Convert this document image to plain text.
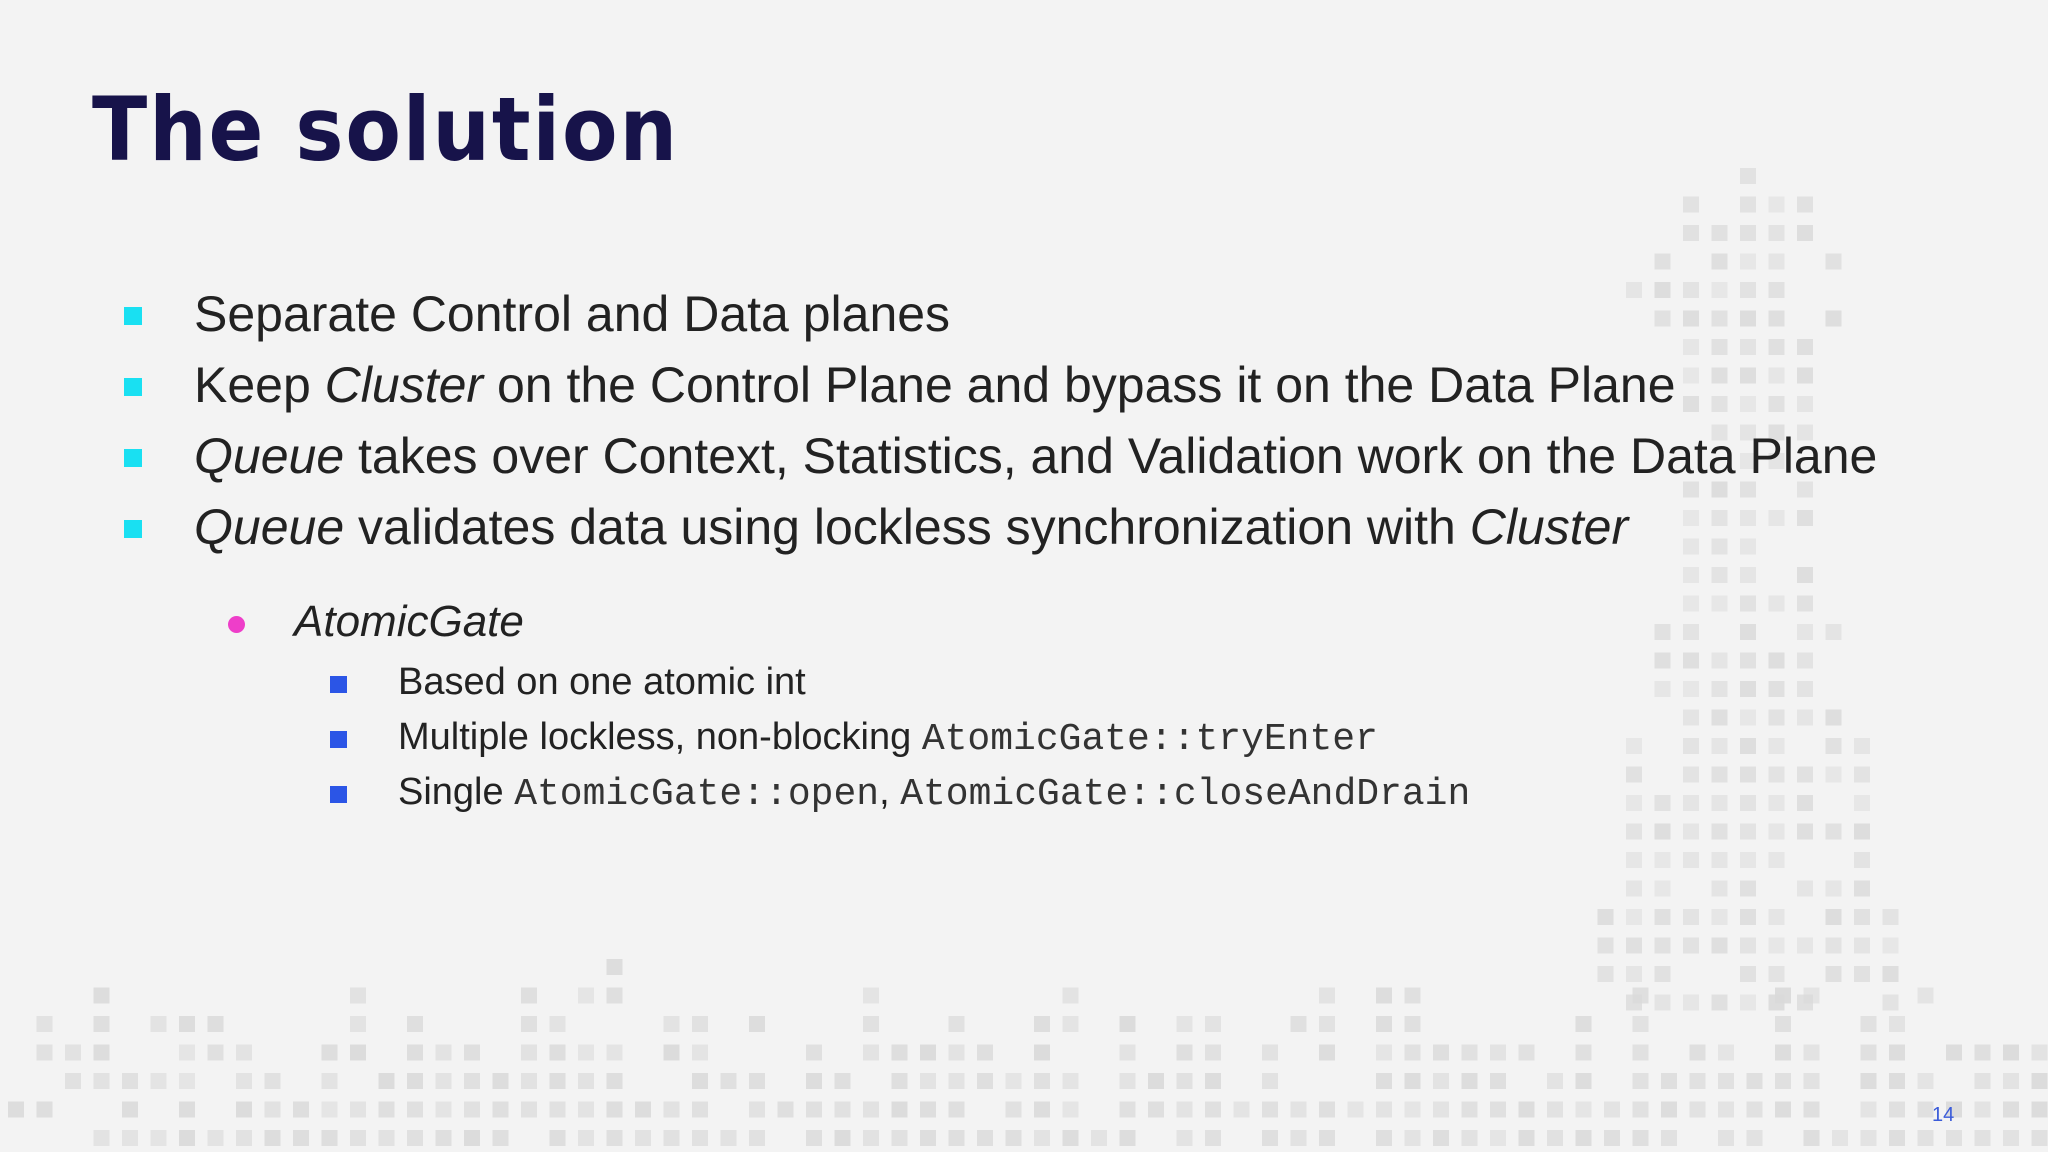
The solution
Separate Control and Data planes
Keep Cluster on the Control Plane and bypass it on the Data Plane
Queue takes over Context, Statistics, and Validation work on the Data Plane
Queue validates data using lockless synchronization with Cluster
AtomicGate
Based on one atomic int
Multiple lockless, non-blocking AtomicGate::tryEnter
Single AtomicGate::open, AtomicGate::closeAndDrain
14
